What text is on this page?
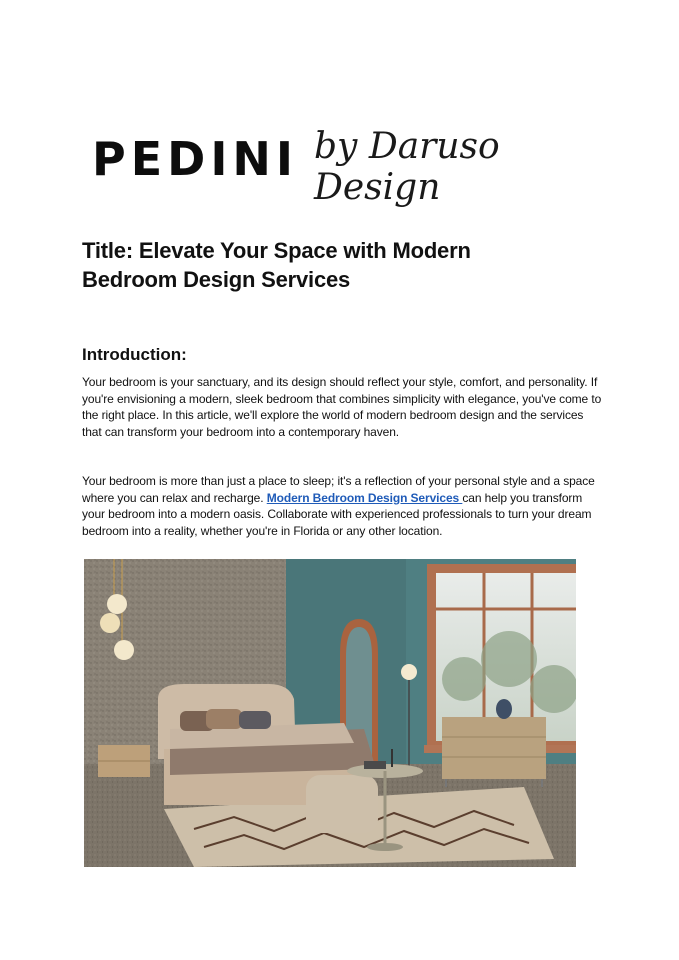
PEDINI by Daruso Design
Title: Elevate Your Space with Modern Bedroom Design Services
Introduction:

Your bedroom is your sanctuary, and its design should reflect your style, comfort, and personality. If you're envisioning a modern, sleek bedroom that combines simplicity with elegance, you've come to the right place. In this article, we'll explore the world of modern bedroom design and the services that can transform your bedroom into a contemporary haven.

Your bedroom is more than just a place to sleep; it's a reflection of your personal style and a space where you can relax and recharge. Modern Bedroom Design Services can help you transform your bedroom into a modern oasis. Collaborate with experienced professionals to turn your dream bedroom into a reality, whether you're in Florida or any other location.
